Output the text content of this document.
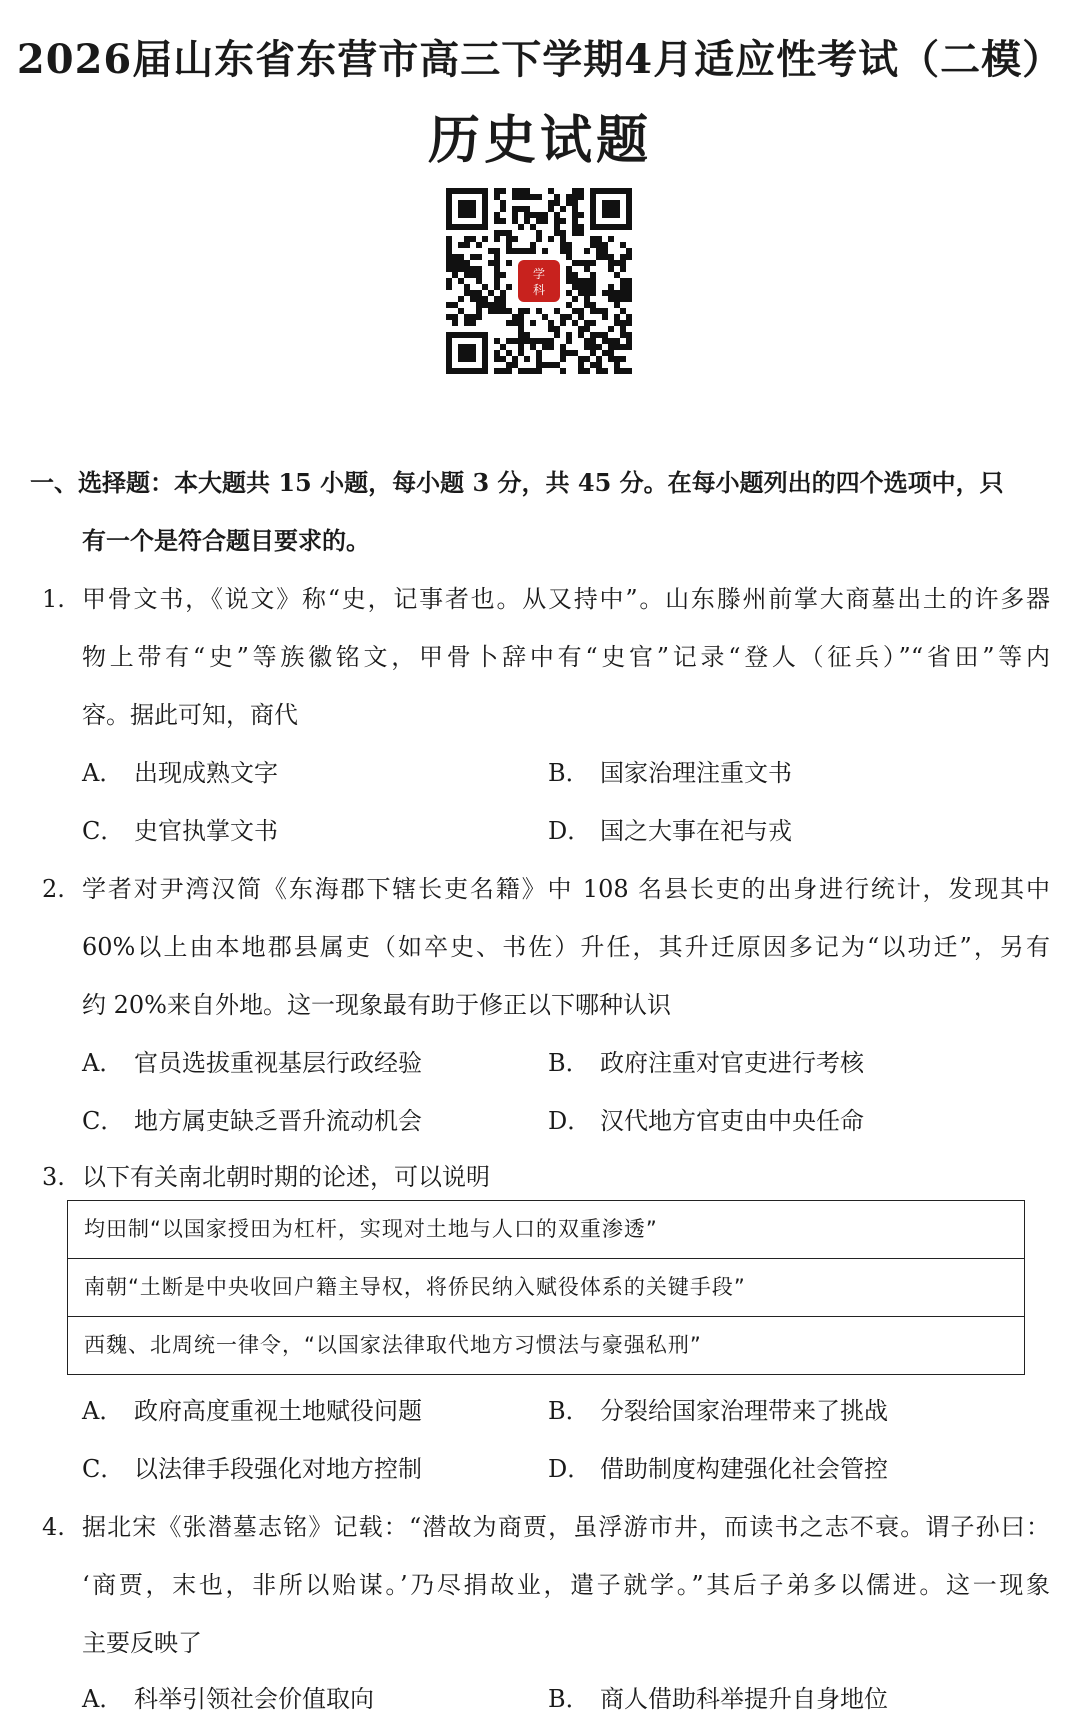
2026届山东省东营市高三下学期4月适应性考试（二模）
历史试题
学
科
一、选择题：本大题共 15 小题，每小题 3 分，共 45 分。在每小题列出的四个选项中，只
有一个是符合题目要求的。
1. 甲骨文书，《说文》称“史，记事者也。从又持中”。山东滕州前掌大商墓出土的许多器
物上带有“史”等族徽铭文，甲骨卜辞中有“史官”记录“登人（征兵）”“省田”等内
容。据此可知，商代
A． 出现成熟文字	B． 国家治理注重文书
C． 史官执掌文书	D． 国之大事在祀与戎
2. 学者对尹湾汉简《东海郡下辖长吏名籍》中 108 名县长吏的出身进行统计，发现其中
60%以上由本地郡县属吏（如卒史、书佐）升任，其升迁原因多记为“以功迁”，另有
约 20%来自外地。这一现象最有助于修正以下哪种认识
A． 官员选拔重视基层行政经验	B． 政府注重对官吏进行考核
C． 地方属吏缺乏晋升流动机会	D． 汉代地方官吏由中央任命
3. 以下有关南北朝时期的论述，可以说明
均田制“以国家授田为杠杆，实现对土地与人口的双重渗透”
南朝“土断是中央收回户籍主导权，将侨民纳入赋役体系的关键手段”
西魏、北周统一律令，“以国家法律取代地方习惯法与豪强私刑”
A． 政府高度重视土地赋役问题	B． 分裂给国家治理带来了挑战
C． 以法律手段强化对地方控制	D． 借助制度构建强化社会管控
4. 据北宋《张潜墓志铭》记载：“潜故为商贾，虽浮游市井，而读书之志不衰。谓子孙曰：
‘商贾，末也，非所以贻谋。’乃尽捐故业，遣子就学。”其后子弟多以儒进。这一现象
主要反映了
A． 科举引领社会价值取向	B． 商人借助科举提升自身地位
